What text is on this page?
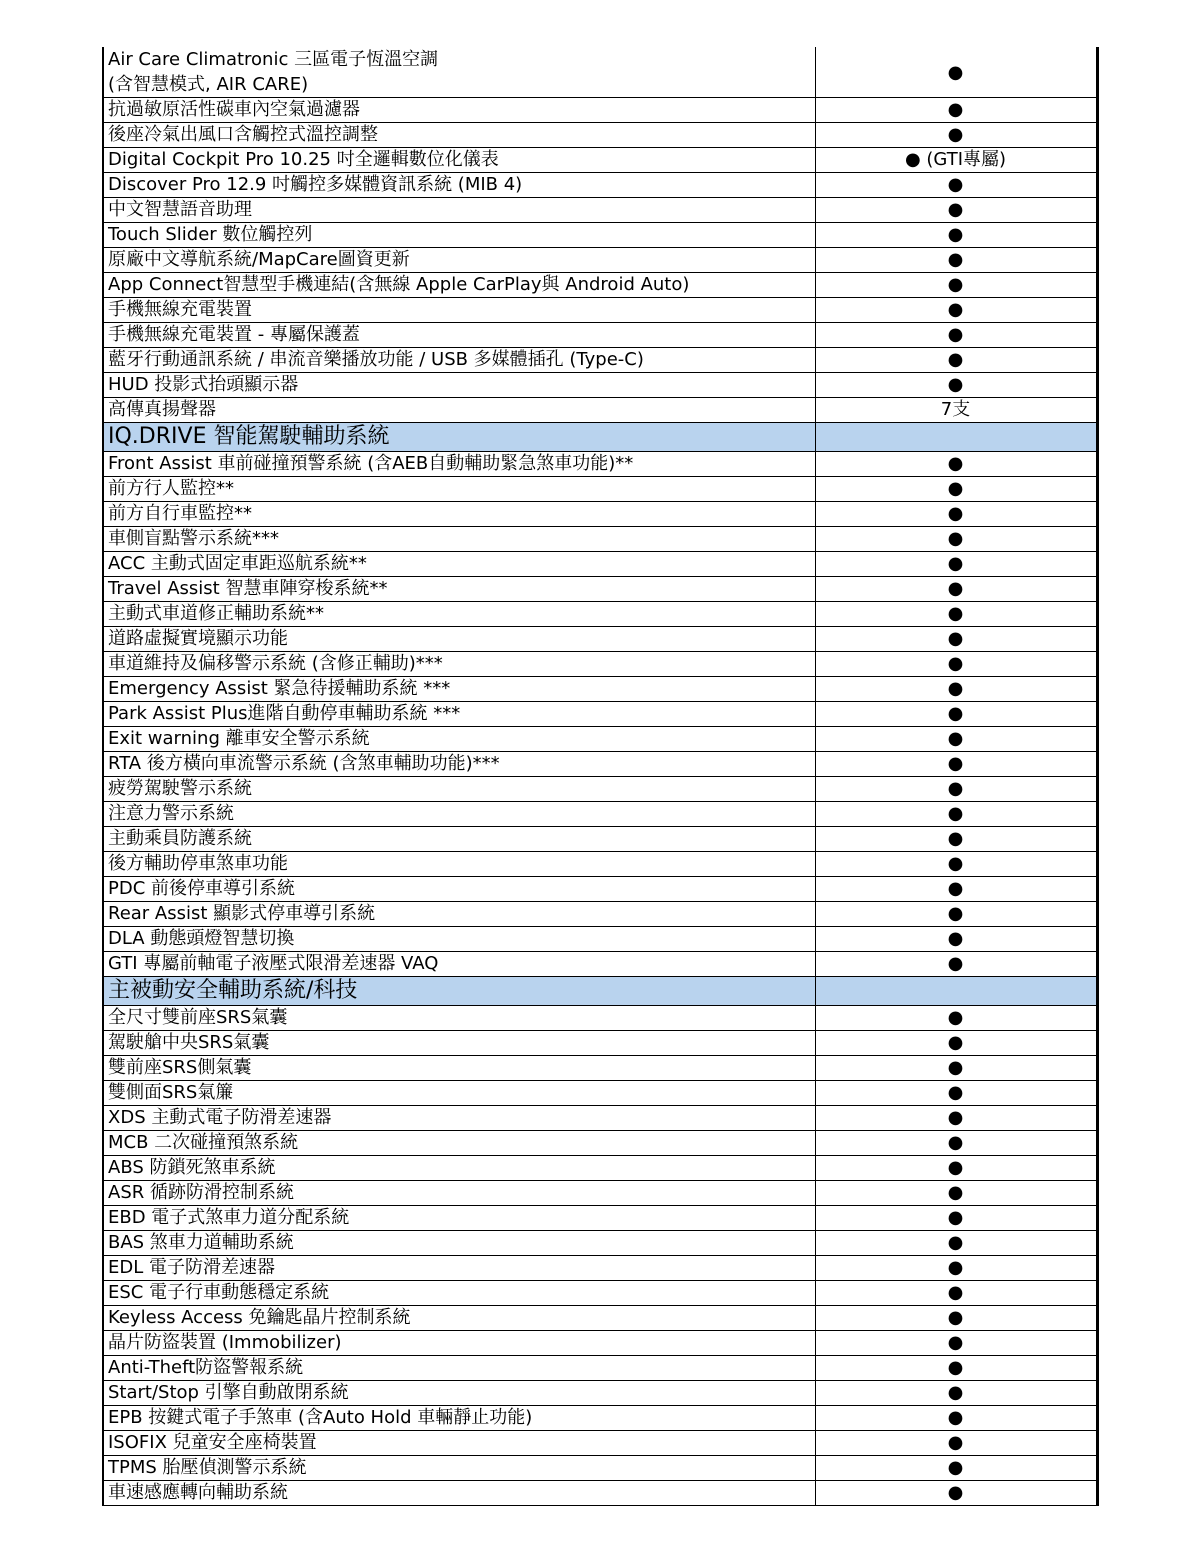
Air Care Climatronic 三區電子恆溫空調
(含智慧模式, AIR CARE)	●
抗過敏原活性碳車內空氣過濾器	●
後座冷氣出風口含觸控式溫控調整	●
Digital Cockpit Pro 10.25 吋全邏輯數位化儀表	● (GTI專屬)
Discover Pro 12.9 吋觸控多媒體資訊系統 (MIB 4)	●
中文智慧語音助理	●
Touch Slider 數位觸控列	●
原廠中文導航系統/MapCare圖資更新	●
App Connect智慧型手機連結(含無線 Apple CarPlay與 Android Auto)	●
手機無線充電裝置	●
手機無線充電裝置 - 專屬保護蓋	●
藍牙行動通訊系統 / 串流音樂播放功能 / USB 多媒體插孔 (Type-C)	●
HUD 投影式抬頭顯示器	●
高傳真揚聲器	7支
IQ.DRIVE 智能駕駛輔助系統	
Front Assist 車前碰撞預警系統 (含AEB自動輔助緊急煞車功能)**	●
前方行人監控**	●
前方自行車監控**	●
車側盲點警示系統***	●
ACC 主動式固定車距巡航系統**	●
Travel Assist 智慧車陣穿梭系統**	●
主動式車道修正輔助系統**	●
道路虛擬實境顯示功能	●
車道維持及偏移警示系統 (含修正輔助)***	●
Emergency Assist 緊急待援輔助系統 ***	●
Park Assist Plus進階自動停車輔助系統 ***	●
Exit warning 離車安全警示系統	●
RTA 後方橫向車流警示系統 (含煞車輔助功能)***	●
疲勞駕駛警示系統	●
注意力警示系統	●
主動乘員防護系統	●
後方輔助停車煞車功能	●
PDC 前後停車導引系統	●
Rear Assist 顯影式停車導引系統	●
DLA 動態頭燈智慧切換	●
GTI 專屬前軸電子液壓式限滑差速器 VAQ	●
主被動安全輔助系統/科技	
全尺寸雙前座SRS氣囊	●
駕駛艙中央SRS氣囊	●
雙前座SRS側氣囊	●
雙側面SRS氣簾	●
XDS 主動式電子防滑差速器	●
MCB 二次碰撞預煞系統	●
ABS 防鎖死煞車系統	●
ASR 循跡防滑控制系統	●
EBD 電子式煞車力道分配系統	●
BAS 煞車力道輔助系統	●
EDL 電子防滑差速器	●
ESC 電子行車動態穩定系統	●
Keyless Access 免鑰匙晶片控制系統	●
晶片防盜裝置 (Immobilizer)	●
Anti-Theft防盜警報系統	●
Start/Stop 引擎自動啟閉系統	●
EPB 按鍵式電子手煞車 (含Auto Hold 車輛靜止功能)	●
ISOFIX 兒童安全座椅裝置	●
TPMS 胎壓偵測警示系統	●
車速感應轉向輔助系統	●
